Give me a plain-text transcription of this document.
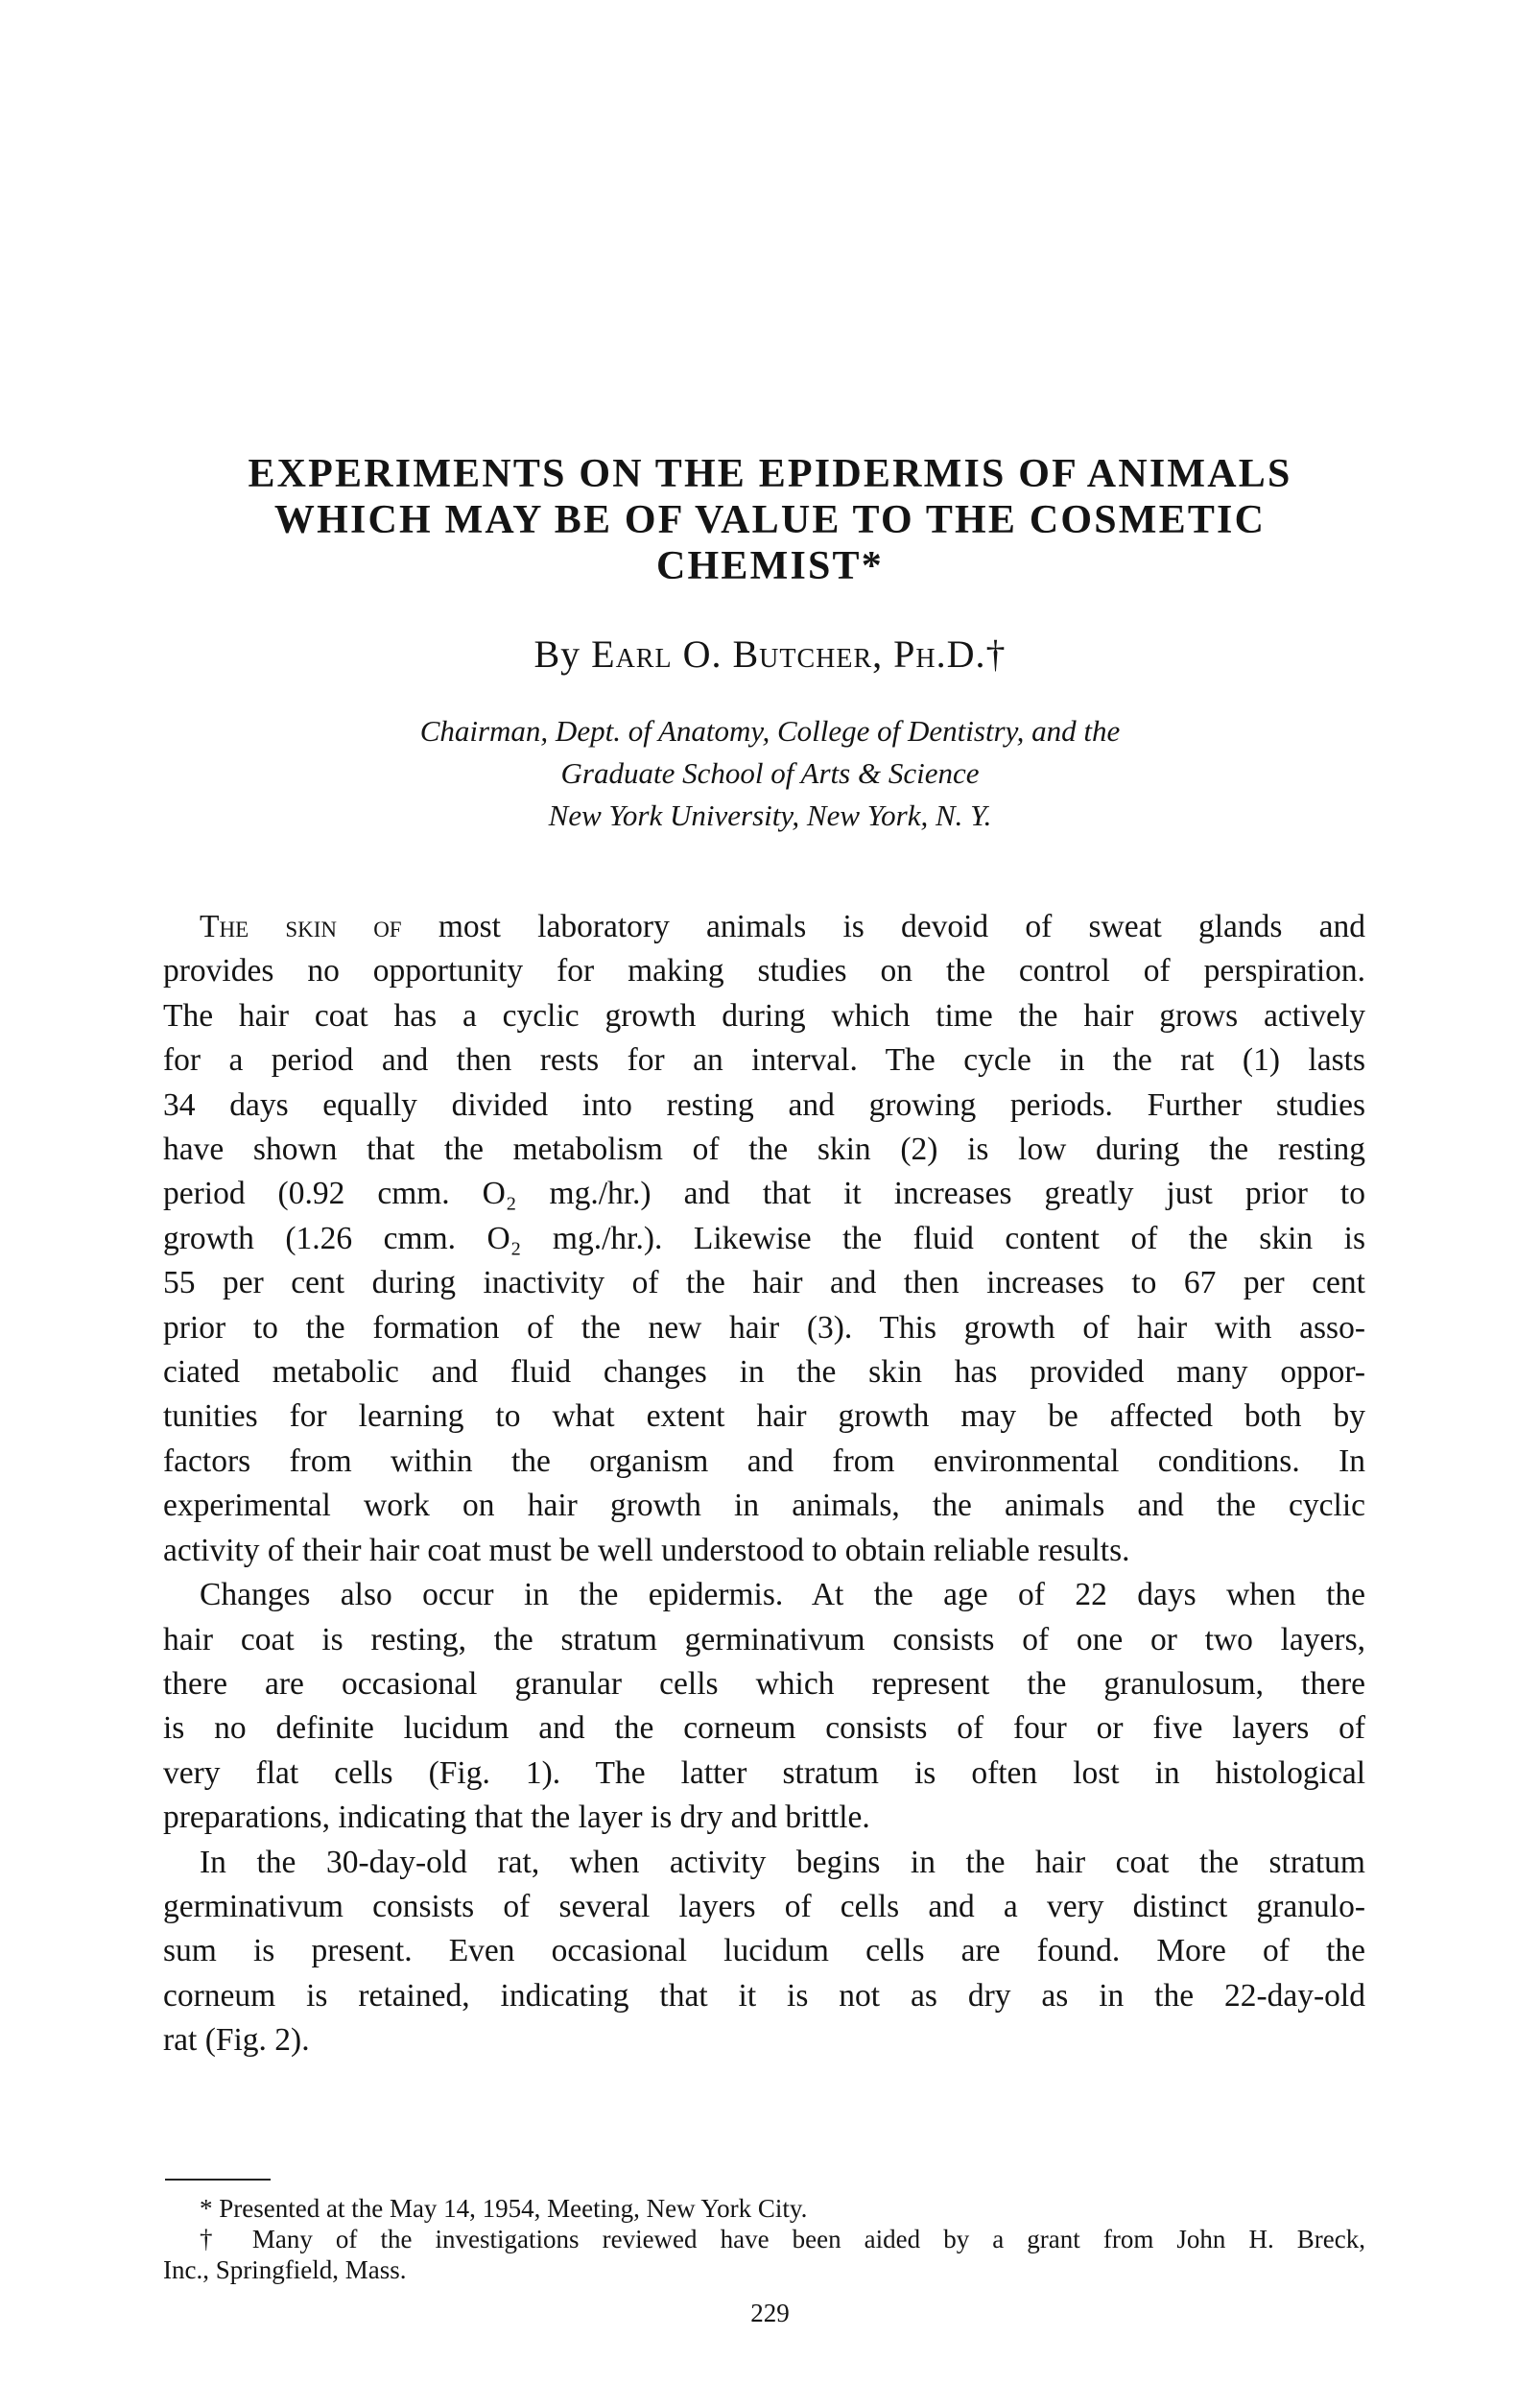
EXPERIMENTS ON THE EPIDERMIS OF ANIMALS
WHICH MAY BE OF VALUE TO THE COSMETIC
CHEMIST*
By Earl O. Butcher, Ph.D.†
Chairman, Dept. of Anatomy, College of Dentistry, and the
Graduate School of Arts & Science
New York University, New York, N. Y.
The skin of most laboratory animals is devoid of sweat glands and
provides no opportunity for making studies on the control of perspiration.
The hair coat has a cyclic growth during which time the hair grows actively
for a period and then rests for an interval. The cycle in the rat (1) lasts
34 days equally divided into resting and growing periods. Further studies
have shown that the metabolism of the skin (2) is low during the resting
period (0.92 cmm. O₂ mg./hr.) and that it increases greatly just prior to
growth (1.26 cmm. O₂ mg./hr.). Likewise the fluid content of the skin is
55 per cent during inactivity of the hair and then increases to 67 per cent
prior to the formation of the new hair (3). This growth of hair with asso-
ciated metabolic and fluid changes in the skin has provided many oppor-
tunities for learning to what extent hair growth may be affected both by
factors from within the organism and from environmental conditions. In
experimental work on hair growth in animals, the animals and the cyclic
activity of their hair coat must be well understood to obtain reliable results.
Changes also occur in the epidermis. At the age of 22 days when the
hair coat is resting, the stratum germinativum consists of one or two layers,
there are occasional granular cells which represent the granulosum, there
is no definite lucidum and the corneum consists of four or five layers of
very flat cells (Fig. 1). The latter stratum is often lost in histological
preparations, indicating that the layer is dry and brittle.
In the 30-day-old rat, when activity begins in the hair coat the stratum
germinativum consists of several layers of cells and a very distinct granulo-
sum is present. Even occasional lucidum cells are found. More of the
corneum is retained, indicating that it is not as dry as in the 22-day-old
rat (Fig. 2).
* Presented at the May 14, 1954, Meeting, New York City.
† Many of the investigations reviewed have been aided by a grant from John H. Breck,
Inc., Springfield, Mass.
229
